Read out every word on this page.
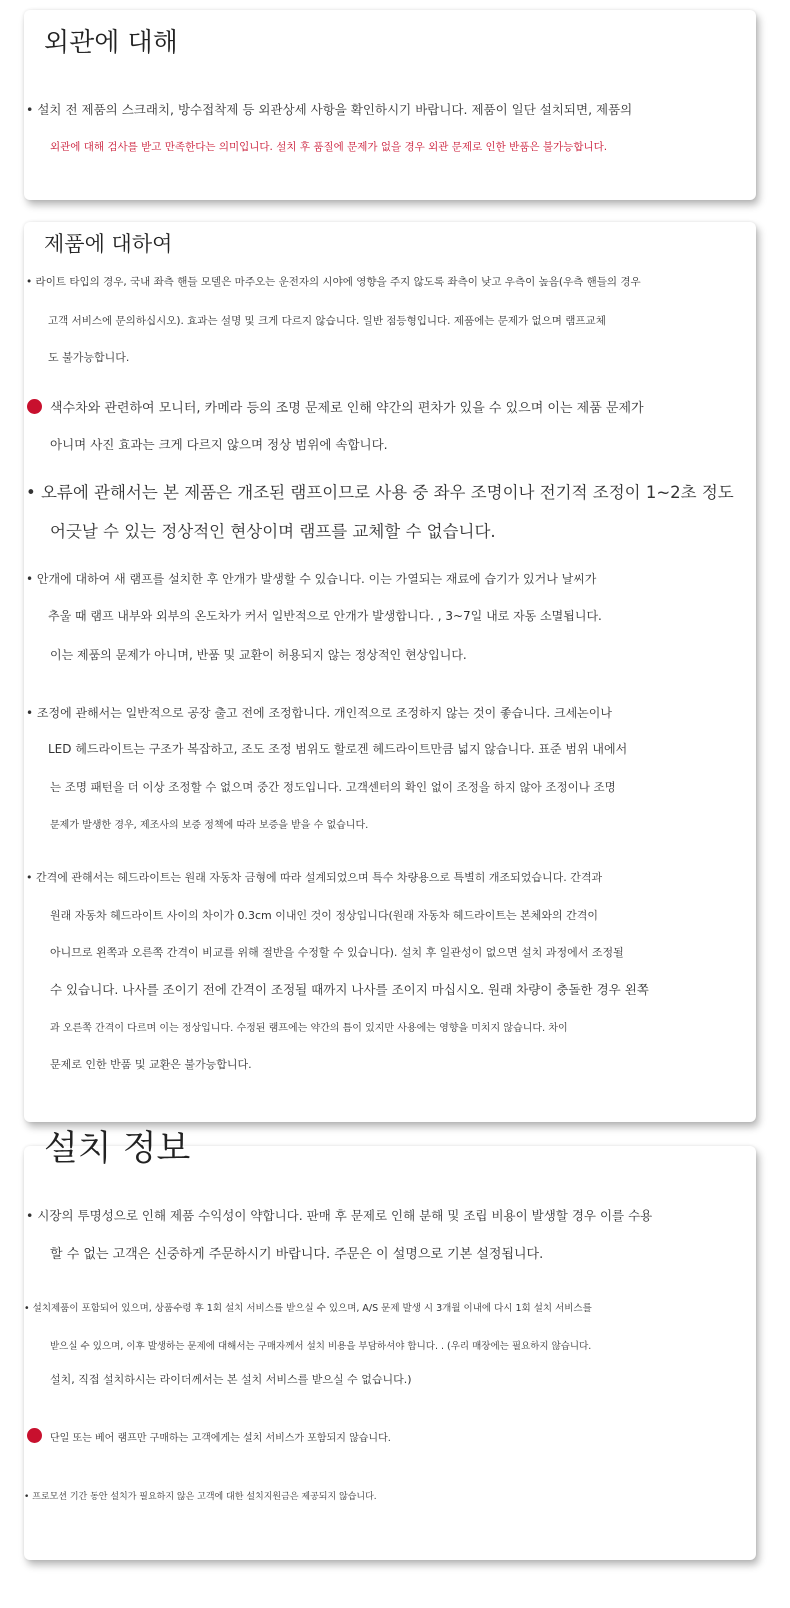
외관에 대해
• 설치 전 제품의 스크래치, 방수접착제 등 외관상세 사항을 확인하시기 바랍니다. 제품이 일단 설치되면, 제품의
외관에 대해 검사를 받고 만족한다는 의미입니다. 설치 후 품질에 문제가 없을 경우 외관 문제로 인한 반품은 불가능합니다.
제품에 대하여
• 라이트 타입의 경우, 국내 좌측 핸들 모델은 마주오는 운전자의 시야에 영향을 주지 않도록 좌측이 낮고 우측이 높음(우측 핸들의 경우
고객 서비스에 문의하십시오). 효과는 설명 및 크게 다르지 않습니다. 일반 점등형입니다. 제품에는 문제가 없으며 램프교체
도 불가능합니다.
색수차와 관련하여 모니터, 카메라 등의 조명 문제로 인해 약간의 편차가 있을 수 있으며 이는 제품 문제가
아니며 사진 효과는 크게 다르지 않으며 정상 범위에 속합니다.
• 오류에 관해서는 본 제품은 개조된 램프이므로 사용 중 좌우 조명이나 전기적 조정이 1~2초 정도
어긋날 수 있는 정상적인 현상이며 램프를 교체할 수 없습니다.
• 안개에 대하여 새 램프를 설치한 후 안개가 발생할 수 있습니다. 이는 가열되는 재료에 습기가 있거나 날씨가
추울 때 램프 내부와 외부의 온도차가 커서 일반적으로 안개가 발생합니다. , 3~7일 내로 자동 소멸됩니다.
이는 제품의 문제가 아니며, 반품 및 교환이 허용되지 않는 정상적인 현상입니다.
• 조정에 관해서는 일반적으로 공장 출고 전에 조정합니다. 개인적으로 조정하지 않는 것이 좋습니다. 크세논이나
LED 헤드라이트는 구조가 복잡하고, 조도 조정 범위도 할로겐 헤드라이트만큼 넓지 않습니다. 표준 범위 내에서
는 조명 패턴을 더 이상 조정할 수 없으며 중간 정도입니다. 고객센터의 확인 없이 조정을 하지 않아 조정이나 조명
문제가 발생한 경우, 제조사의 보증 정책에 따라 보증을 받을 수 없습니다.
• 간격에 관해서는 헤드라이트는 원래 자동차 금형에 따라 설계되었으며 특수 차량용으로 특별히 개조되었습니다. 간격과
원래 자동차 헤드라이트 사이의 차이가 0.3cm 이내인 것이 정상입니다(원래 자동차 헤드라이트는 본체와의 간격이
아니므로 왼쪽과 오른쪽 간격이 비교를 위해 절반을 수정할 수 있습니다). 설치 후 일관성이 없으면 설치 과정에서 조정될
수 있습니다. 나사를 조이기 전에 간격이 조정될 때까지 나사를 조이지 마십시오. 원래 차량이 충돌한 경우 왼쪽
과 오른쪽 간격이 다르며 이는 정상입니다. 수정된 램프에는 약간의 틈이 있지만 사용에는 영향을 미치지 않습니다. 차이
문제로 인한 반품 및 교환은 불가능합니다.
설치 정보
• 시장의 투명성으로 인해 제품 수익성이 약합니다. 판매 후 문제로 인해 분해 및 조립 비용이 발생할 경우 이를 수용
할 수 없는 고객은 신중하게 주문하시기 바랍니다. 주문은 이 설명으로 기본 설정됩니다.
• 설치제품이 포함되어 있으며, 상품수령 후 1회 설치 서비스를 받으실 수 있으며, A/S 문제 발생 시 3개월 이내에 다시 1회 설치 서비스를
받으실 수 있으며, 이후 발생하는 문제에 대해서는 구매자께서 설치 비용을 부담하셔야 합니다. . (우리 매장에는 필요하지 않습니다.
설치, 직접 설치하시는 라이더께서는 본 설치 서비스를 받으실 수 없습니다.)
단일 또는 베어 램프만 구매하는 고객에게는 설치 서비스가 포함되지 않습니다.
• 프로모션 기간 동안 설치가 필요하지 않은 고객에 대한 설치지원금은 제공되지 않습니다.
